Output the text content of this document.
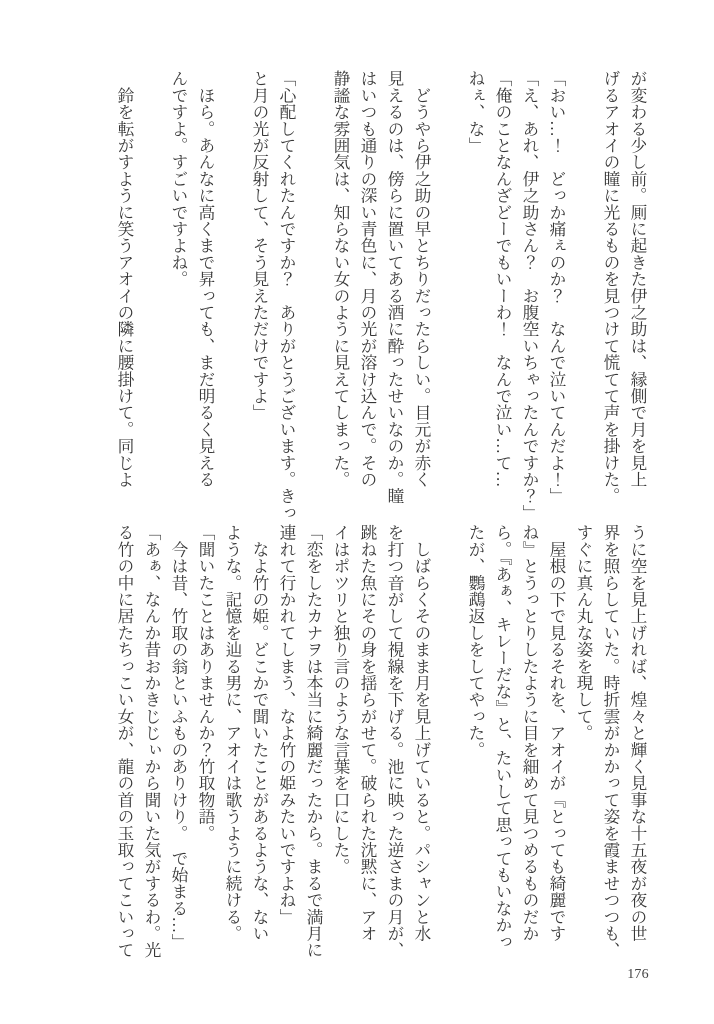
が変わる少し前。厠に起きた伊之助は、縁側で月を見上
げるアオイの瞳に光るものを見つけて慌てて声を掛けた。
「おい…！　どっか痛ぇのか？　なんで泣いてんだよ！」
「え、あれ、伊之助さん？　お腹空いちゃったんですか？」
「俺のことなんざどーでもいーわ！　なんで泣い…て…
ねぇ、な」
　どうやら伊之助の早とちりだったらしい。目元が赤く
見えるのは、傍らに置いてある酒に酔ったせいなのか。瞳
はいつも通りの深い青色に、月の光が溶け込んで。その
静謐な雰囲気は、知らない女のように見えてしまった。
「心配してくれたんですか？　ありがとうございます。きっ
と月の光が反射して、そう見えただけですよ」
　ほら。あんなに高くまで昇っても、まだ明るく見える
んですよ。すごいですよね。
　鈴を転がすように笑うアオイの隣に腰掛けて。同じよ
うに空を見上げれば、煌々と輝く見事な十五夜が夜の世
界を照らしていた。時折雲がかかって姿を霞ませつつも、
すぐに真ん丸な姿を現して。
　屋根の下で見るそれを、アオイが『とっても綺麗です
ね』とうっとりしたように目を細めて見つめるものだか
ら。『あぁ、キレーだな』と、たいして思ってもいなかっ
たが、鸚鵡返しをしてやった。
　しばらくそのまま月を見上げていると。パシャンと水
を打つ音がして視線を下げる。池に映った逆さまの月が、
跳ねた魚にその身を揺らがせて。破られた沈黙に、アオ
イはポツリと独り言のような言葉を口にした。
「恋をしたカナヲは本当に綺麗だったから。まるで満月に
連れて行かれてしまう、なよ竹の姫みたいですよね」
　なよ竹の姫。どこかで聞いたことがあるような、ない
ような。記憶を辿る男に、アオイは歌うように続ける。
「聞いたことはありませんか？竹取物語。
　今は昔、竹取の翁といふものありけり。　で始まる…」
「あぁ、なんか昔おかきじじぃから聞いた気がするわ。光
る竹の中に居たちっこい女が、龍の首の玉取ってこいって
176
